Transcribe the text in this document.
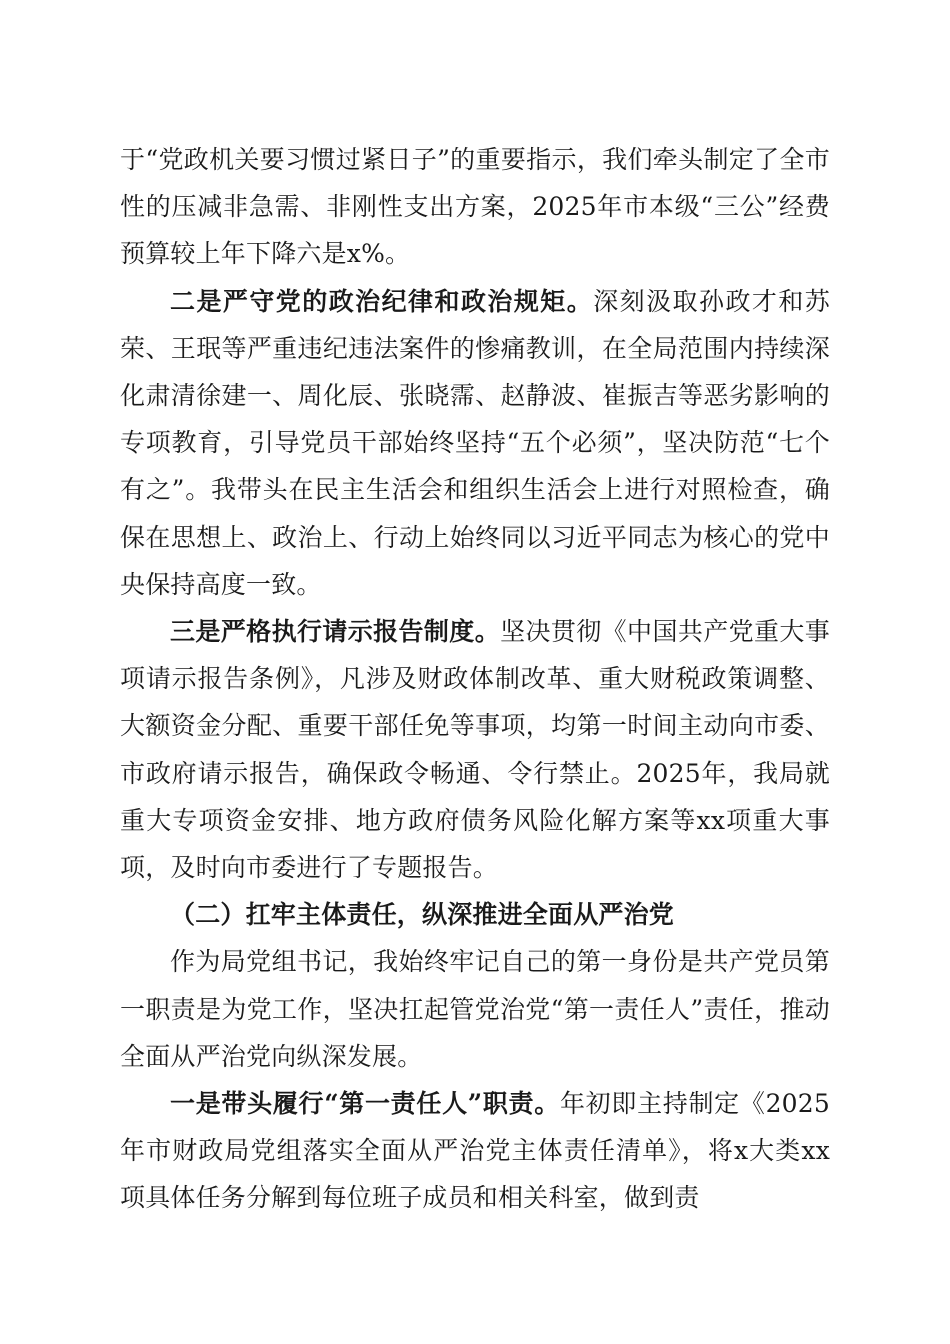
于“党政机关要习惯过紧日子”的重要指示，我们牵头制定了全市性的压减非急需、非刚性支出方案，2025年市本级“三公”经费预算较上年下降六是x%。

二是严守党的政治纪律和政治规矩。深刻汲取孙政才和苏荣、王珉等严重违纪违法案件的惨痛教训，在全局范围内持续深化肃清徐建一、周化辰、张晓霈、赵静波、崔振吉等恶劣影响的专项教育，引导党员干部始终坚持“五个必须”，坚决防范“七个有之”。我带头在民主生活会和组织生活会上进行对照检查，确保在思想上、政治上、行动上始终同以习近平同志为核心的党中央保持高度一致。

三是严格执行请示报告制度。坚决贯彻《中国共产党重大事项请示报告条例》，凡涉及财政体制改革、重大财税政策调整、大额资金分配、重要干部任免等事项，均第一时间主动向市委、市政府请示报告，确保政令畅通、令行禁止。2025年，我局就重大专项资金安排、地方政府债务风险化解方案等xx项重大事项，及时向市委进行了专题报告。

（二）扛牢主体责任，纵深推进全面从严治党

作为局党组书记，我始终牢记自己的第一身份是共产党员第一职责是为党工作，坚决扛起管党治党“第一责任人”责任，推动全面从严治党向纵深发展。

一是带头履行“第一责任人”职责。年初即主持制定《2025年市财政局党组落实全面从严治党主体责任清单》，将x大类xx项具体任务分解到每位班子成员和相关科室，做到责
